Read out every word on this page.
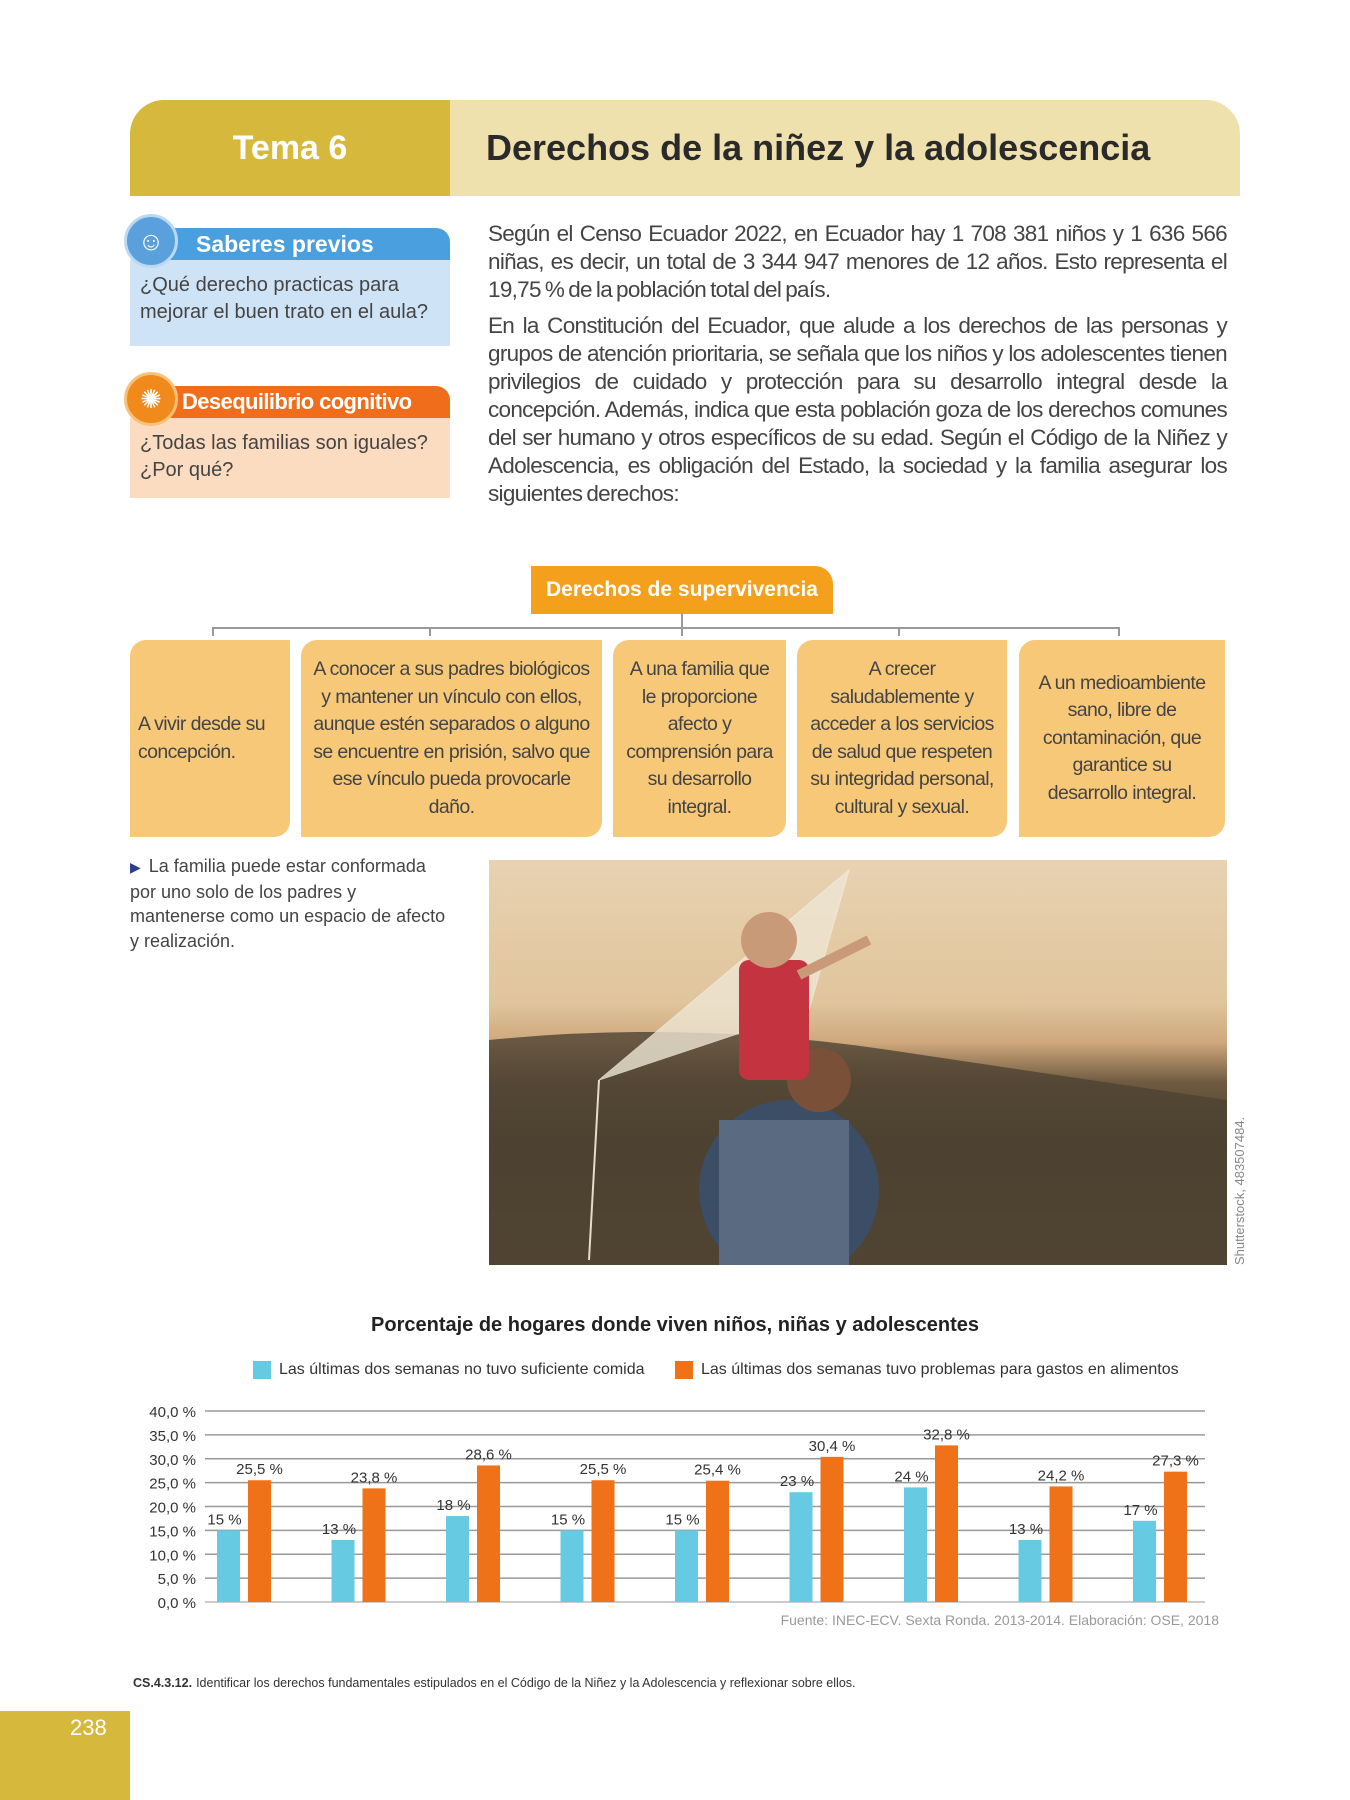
Tema 6	Derechos de la niñez y la adolescencia
☺	Saberes previos
¿Qué derecho practicas para mejorar el buen trato en el aula?
✺ Desequilibrio cognitivo
¿Todas las familias son iguales? ¿Por qué?

Según el Censo Ecuador 2022, en Ecuador hay 1 708 381 niños y 1 636 566 niñas, es decir, un total de 3 344 947 menores de 12 años. Esto representa el 19,75 % de la población total del país.

En la Constitución del Ecuador, que alude a los derechos de las personas y grupos de atención prioritaria, se señala que los niños y los adolescentes tienen privilegios de cuidado y protección para su desarrollo integral desde la concepción. Además, indica que esta población goza de los derechos comunes del ser humano y otros específicos de su edad. Según el Código de la Niñez y Adolescencia, es obligación del Estado, la sociedad y la familia asegurar los siguientes derechos:

Derechos de supervivencia
A vivir desde su concepción.
A conocer a sus padres biológicos y mantener un vínculo con ellos, aunque estén separados o alguno se encuentre en prisión, salvo que ese vínculo pueda provocarle daño.
A una familia que le proporcione afecto y comprensión para su desarrollo integral.
A crecer saludablemente y acceder a los servicios de salud que respeten su integridad personal, cultural y sexual.
A un medioambiente sano, libre de contaminación, que garantice su desarrollo integral.
▶ La familia puede estar conformada por uno solo de los padres y mantenerse como un espacio de afecto y realización.
Shutterstock, 483507484.
Porcentaje de hogares donde viven niños, niñas y adolescentes
Las últimas dos semanas no tuvo suficiente comida	Las últimas dos semanas tuvo problemas para gastos en alimentos
0,0 %
5,0 %
10,0 %
15,0 %
20,0 %
25,0 %
30,0 %
35,0 %
40,0 %
15 %
13 %
18 %
15 %	15 %
23 %	24 %
13 %
17 %
25,5 %	23,8 %
28,6 %
25,5 %	25,4 %
30,4 %
32,8 %
24,2 %
27,3 %
Fuente: INEC-ECV. Sexta Ronda. 2013-2014. Elaboración: OSE, 2018
CS.4.3.12. Identificar los derechos fundamentales estipulados en el Código de la Niñez y la Adolescencia y reflexionar sobre ellos.
238
